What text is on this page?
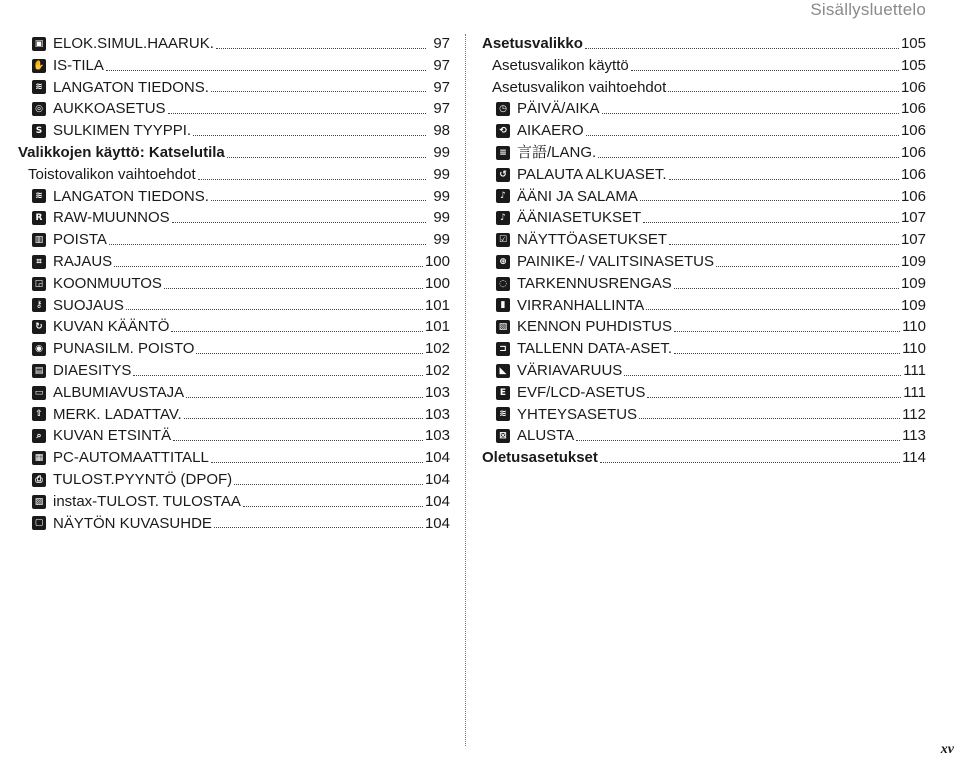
Sisällysluettelo
▣ ELOK.SIMUL.HAARUK.	97
✋ IS-TILA	97
≋ LANGATON TIEDONS.	97
◎ AUKKOASETUS	97
S SULKIMEN TYYPPI.	98
Valikkojen käyttö: Katselutila	99
Toistovalikon vaihtoehdot	99
≋ LANGATON TIEDONS.	99
R RAW-MUUNNOS	99
▥ POISTA	99
⌗ RAJAUS	100
◲ KOONMUUTOS	100
⚷ SUOJAUS	101
↻ KUVAN KÄÄNTÖ	101
◉ PUNASILM. POISTO	102
▤ DIAESITYS	102
▭ ALBUMIAVUSTAJA	103
⇧ MERK. LADATTAV.	103
⌕ KUVAN ETSINTÄ	103
▦ PC-AUTOMAATTITALL	104
⎙ TULOST.PYYNTÖ (DPOF)	104
▨ instax-TULOST. TULOSTAA	104
▢ NÄYTÖN KUVASUHDE	104
Asetusvalikko	105
Asetusvalikon käyttö	105
Asetusvalikon vaihtoehdot	106
◷ PÄIVÄ/AIKA	106
⟲ AIKAERO	106
≡ 言語/LANG.	106
↺ PALAUTA ALKUASET.	106
♪ ÄÄNI JA SALAMA	106
♪ ÄÄNIASETUKSET	107
☑ NÄYTTÖASETUKSET	107
⊕ PAINIKE-/ VALITSINASETUS	109
◌ TARKENNUSRENGAS	109
▮ VIRRANHALLINTA	109
▧ KENNON PUHDISTUS	110
⊐ TALLENN DATA-ASET.	110
◣ VÄRIAVARUUS	111
E EVF/LCD-ASETUS	111
≋ YHTEYSASETUS	112
⊠ ALUSTA	113
Oletusasetukset	114
xv
